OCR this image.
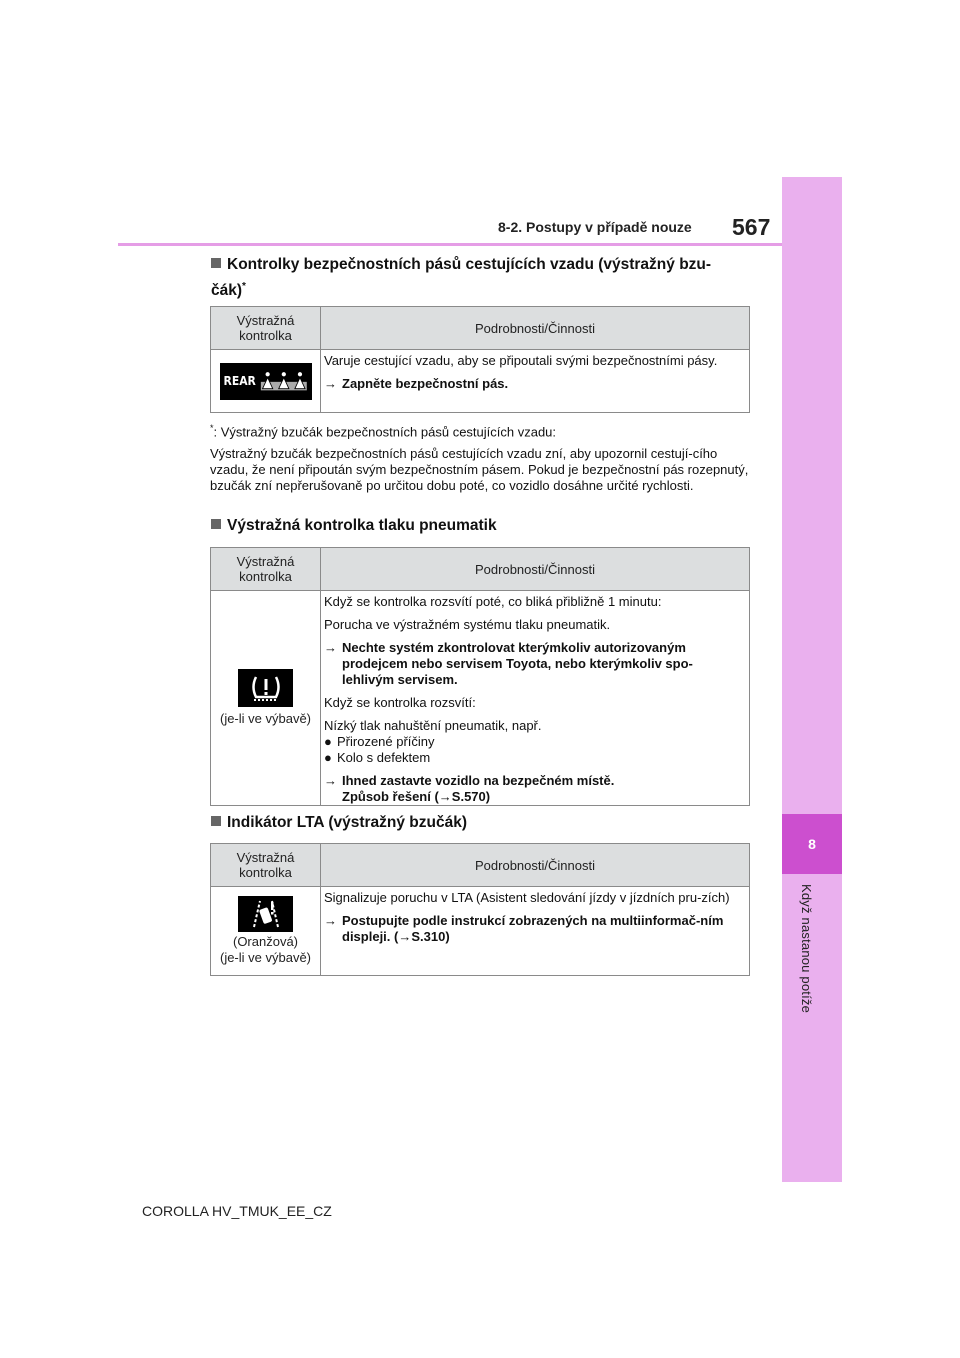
8-2. Postupy v případě nouze 567
8
Když nastanou potíže
Kontrolky bezpečnostních pásů cestujících vzadu (výstražný bzu-čák)*
Výstražná kontrolka	Podrobnosti/Činnosti
REAR

Varuje cestující vzadu, aby se připoutali svými bezpečnostními pásy.

→ Zapněte bezpečnostní pás.
*: Výstražný bzučák bezpečnostních pásů cestujících vzadu:
Výstražný bzučák bezpečnostních pásů cestujících vzadu zní, aby upozornil cestují-cího vzadu, že není připoután svým bezpečnostním pásem. Pokud je bezpečnostní pás rozepnutý, bzučák zní nepřerušovaně po určitou dobu poté, co vozidlo dosáhne určité rychlosti.
Výstražná kontrolka tlaku pneumatik
Výstražná kontrolka	Podrobnosti/Činnosti
(je-li ve výbavě)

Když se kontrolka rozsvítí poté, co bliká přibližně 1 minutu:

Porucha ve výstražném systému tlaku pneumatik.

→ Nechte systém zkontrolovat kterýmkoliv autorizovaným prodejcem nebo servisem Toyota, nebo kterýmkoliv spo-lehlivým servisem.

Když se kontrolka rozsvítí:

Nízký tlak nahuštění pneumatik, např.

● Přirozené příčiny
● Kolo s defektem
→ Ihned zastavte vozidlo na bezpečném místě.
Způsob řešení (→S.570)
Indikátor LTA (výstražný bzučák)
Výstražná kontrolka	Podrobnosti/Činnosti
(Oranžová)
(je-li ve výbavě)

Signalizuje poruchu v LTA (Asistent sledování jízdy v jízdních pru-zích)

→ Postupujte podle instrukcí zobrazených na multiinformač-ním displeji. (→S.310)
COROLLA HV_TMUK_EE_CZ
